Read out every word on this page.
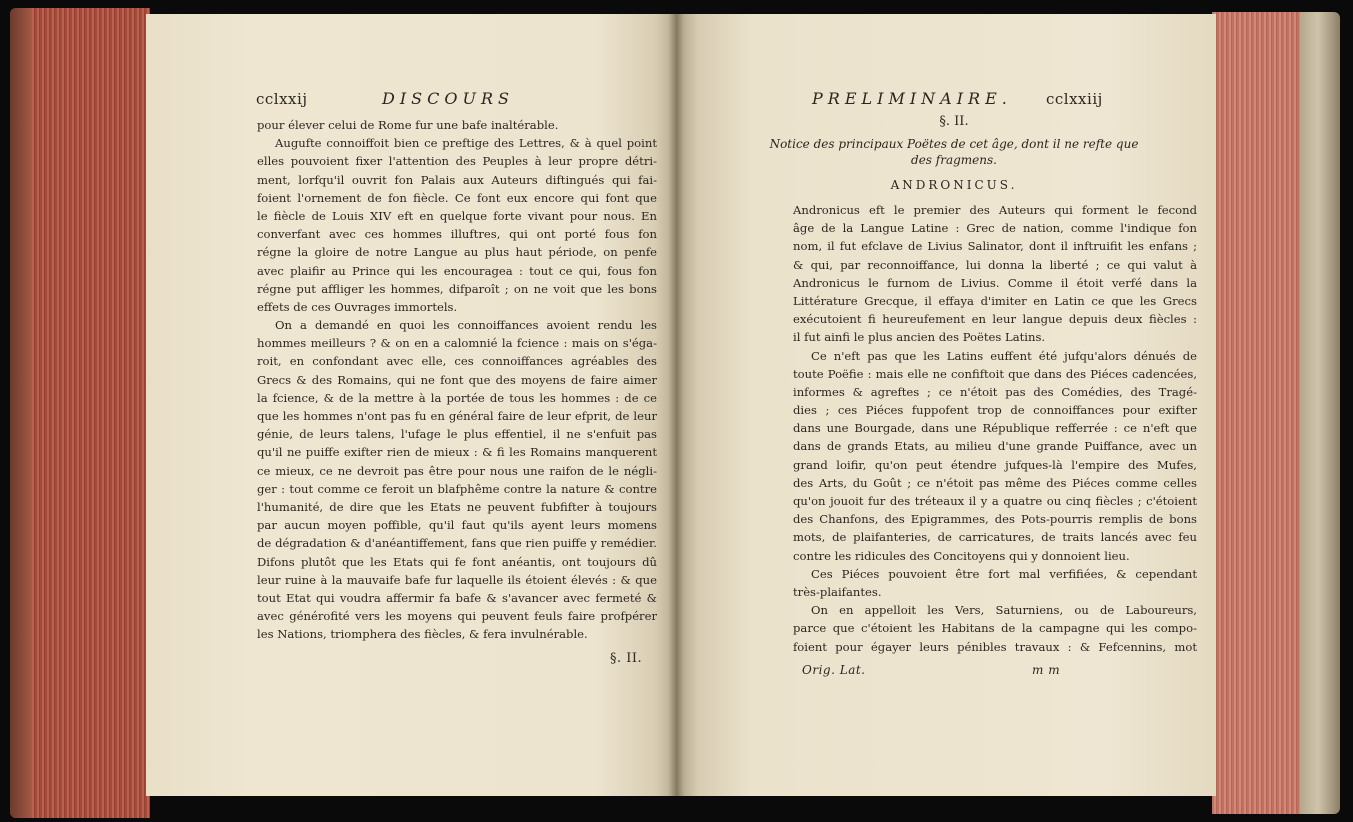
cclxxij	DISCOURS
pour élever celui de Rome fur une bafe inaltérable.
Augufte connoiffoit bien ce preftige des Lettres, & à quel point
elles pouvoient fixer l'attention des Peuples à leur propre détri-
ment, lorfqu'il ouvrit fon Palais aux Auteurs diftingués qui fai-
foient l'ornement de fon fiècle. Ce font eux encore qui font que
le fiècle de Louis XIV eft en quelque forte vivant pour nous. En
converfant avec ces hommes illuftres, qui ont porté fous fon
régne la gloire de notre Langue au plus haut période, on penfe
avec plaifir au Prince qui les encouragea : tout ce qui, fous fon
régne put affliger les hommes, difparoît ; on ne voit que les bons
effets de ces Ouvrages immortels.
On a demandé en quoi les connoiffances avoient rendu les
hommes meilleurs ? & on en a calomnié la fcience : mais on s'éga-
roit, en confondant avec elle, ces connoiffances agréables des
Grecs & des Romains, qui ne font que des moyens de faire aimer
la fcience, & de la mettre à la portée de tous les hommes : de ce
que les hommes n'ont pas fu en général faire de leur efprit, de leur
génie, de leurs talens, l'ufage le plus effentiel, il ne s'enfuit pas
qu'il ne puiffe exifter rien de mieux : & fi les Romains manquerent
ce mieux, ce ne devroit pas être pour nous une raifon de le négli-
ger : tout comme ce feroit un blafphême contre la nature & contre
l'humanité, de dire que les Etats ne peuvent fubfifter à toujours
par aucun moyen poffible, qu'il faut qu'ils ayent leurs momens
de dégradation & d'anéantiffement, fans que rien puiffe y remédier.
Difons plutôt que les Etats qui fe font anéantis, ont toujours dû
leur ruine à la mauvaife bafe fur laquelle ils étoient élevés : & que
tout Etat qui voudra affermir fa bafe & s'avancer avec fermeté &
avec générofité vers les moyens qui peuvent feuls faire profpérer
les Nations, triomphera des fiècles, & fera invulnérable.
§. II.
PRELIMINAIRE. cclxxiij
§. II.
Notice des principaux Poëtes de cet âge, dont il ne refte que
des fragmens.
ANDRONICUS.
Andronicus eft le premier des Auteurs qui forment le fecond
âge de la Langue Latine : Grec de nation, comme l'indique fon
nom, il fut efclave de Livius Salinator, dont il inftruifit les enfans ;
& qui, par reconnoiffance, lui donna la liberté ; ce qui valut à
Andronicus le furnom de Livius. Comme il étoit verfé dans la
Littérature Grecque, il effaya d'imiter en Latin ce que les Grecs
exécutoient fi heureufement en leur langue depuis deux fiècles :
il fut ainfi le plus ancien des Poëtes Latins.
Ce n'eft pas que les Latins euffent été jufqu'alors dénués de
toute Poëfie : mais elle ne confiftoit que dans des Piéces cadencées,
informes & agreftes ; ce n'étoit pas des Comédies, des Tragé-
dies ; ces Piéces fuppofent trop de connoiffances pour exifter
dans une Bourgade, dans une République refferrée : ce n'eft que
dans de grands Etats, au milieu d'une grande Puiffance, avec un
grand loifir, qu'on peut étendre jufques-là l'empire des Mufes,
des Arts, du Goût ; ce n'étoit pas même des Piéces comme celles
qu'on jouoit fur des tréteaux il y a quatre ou cinq fiècles ; c'étoient
des Chanfons, des Epigrammes, des Pots-pourris remplis de bons
mots, de plaifanteries, de carricatures, de traits lancés avec feu
contre les ridicules des Concitoyens qui y donnoient lieu.
Ces Piéces pouvoient être fort mal verfifiées, & cependant
très-plaifantes.
On en appelloit les Vers, Saturniens, ou de Laboureurs,
parce que c'étoient les Habitans de la campagne qui les compo-
foient pour égayer leurs pénibles travaux : & Fefcennins, mot
Orig. Lat.	m m
